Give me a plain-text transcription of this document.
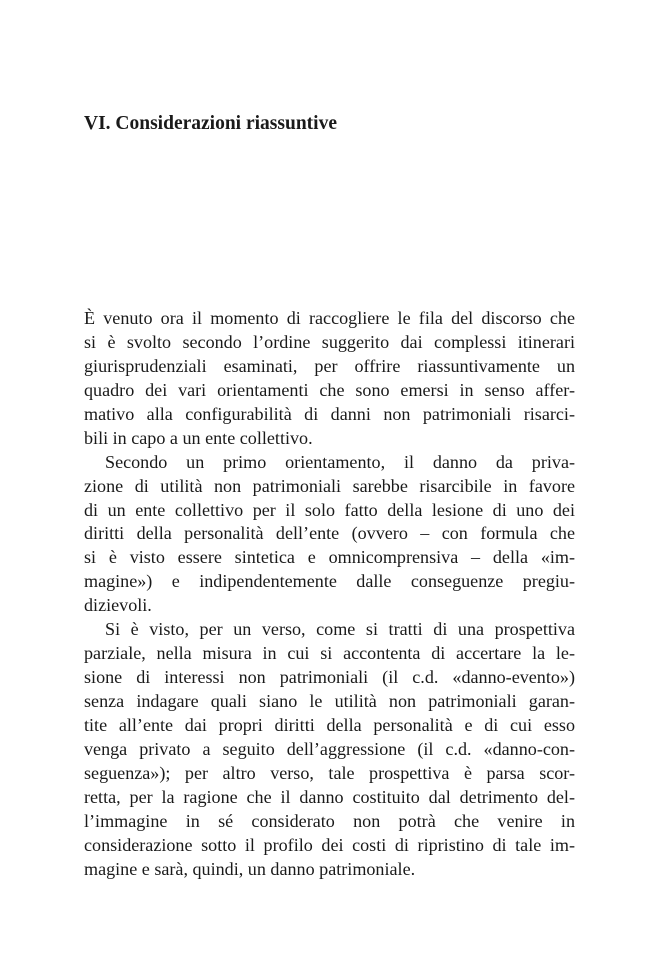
VI. Considerazioni riassuntive
È venuto ora il momento di raccogliere le fila del discorso che
si è svolto secondo l’ordine suggerito dai complessi itinerari
giurisprudenziali esaminati, per offrire riassuntivamente un
quadro dei vari orientamenti che sono emersi in senso affer-
mativo alla configurabilità di danni non patrimoniali risarci-
bili in capo a un ente collettivo.
Secondo un primo orientamento, il danno da priva-
zione di utilità non patrimoniali sarebbe risarcibile in favore
di un ente collettivo per il solo fatto della lesione di uno dei
diritti della personalità dell’ente (ovvero – con formula che
si è visto essere sintetica e omnicomprensiva – della «im-
magine») e indipendentemente dalle conseguenze pregiu-
dizievoli.
Si è visto, per un verso, come si tratti di una prospettiva
parziale, nella misura in cui si accontenta di accertare la le-
sione di interessi non patrimoniali (il c.d. «danno-evento»)
senza indagare quali siano le utilità non patrimoniali garan-
tite all’ente dai propri diritti della personalità e di cui esso
venga privato a seguito dell’aggressione (il c.d. «danno-con-
seguenza»); per altro verso, tale prospettiva è parsa scor-
retta, per la ragione che il danno costituito dal detrimento del-
l’immagine in sé considerato non potrà che venire in
considerazione sotto il profilo dei costi di ripristino di tale im-
magine e sarà, quindi, un danno patrimoniale.
